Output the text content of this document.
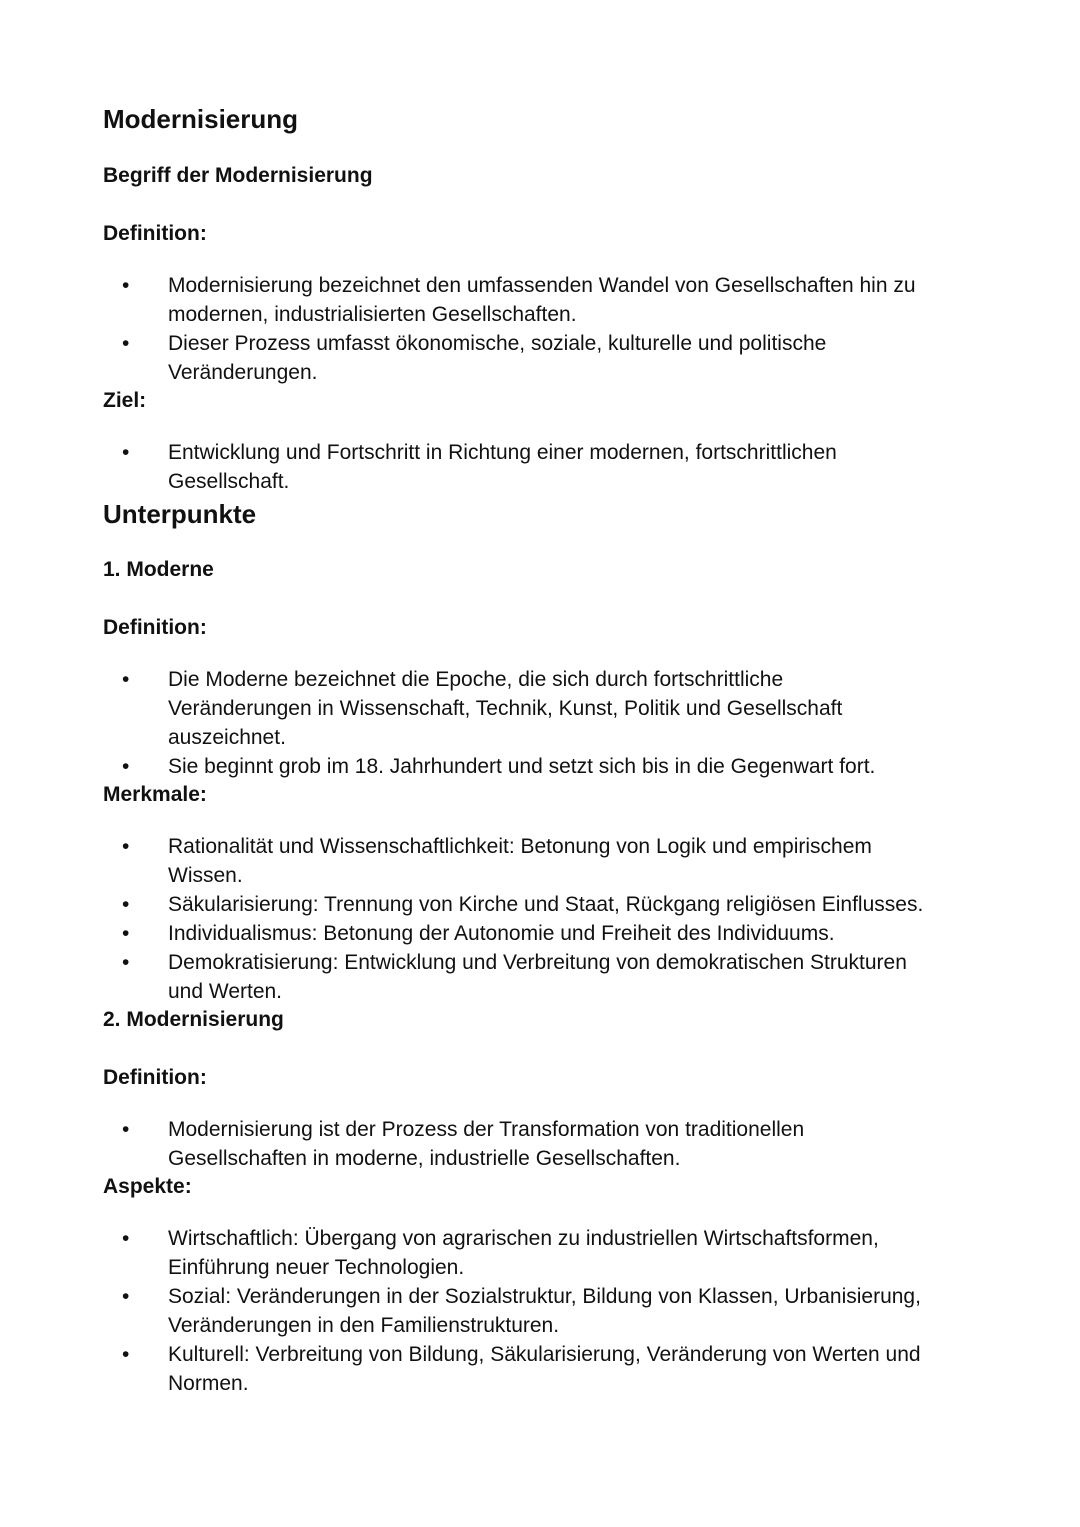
Modernisierung
Begriff der Modernisierung
Definition:
• Modernisierung bezeichnet den umfassenden Wandel von Gesellschaften hin zu
modernen, industrialisierten Gesellschaften.
• Dieser Prozess umfasst ökonomische, soziale, kulturelle und politische
Veränderungen.
Ziel:
• Entwicklung und Fortschritt in Richtung einer modernen, fortschrittlichen
Gesellschaft.
Unterpunkte
1. Moderne
Definition:
• Die Moderne bezeichnet die Epoche, die sich durch fortschrittliche
Veränderungen in Wissenschaft, Technik, Kunst, Politik und Gesellschaft
auszeichnet.
• Sie beginnt grob im 18. Jahrhundert und setzt sich bis in die Gegenwart fort.
Merkmale:
• Rationalität und Wissenschaftlichkeit: Betonung von Logik und empirischem
Wissen.
• Säkularisierung: Trennung von Kirche und Staat, Rückgang religiösen Einflusses.
• Individualismus: Betonung der Autonomie und Freiheit des Individuums.
• Demokratisierung: Entwicklung und Verbreitung von demokratischen Strukturen
und Werten.
2. Modernisierung
Definition:
• Modernisierung ist der Prozess der Transformation von traditionellen
Gesellschaften in moderne, industrielle Gesellschaften.
Aspekte:
• Wirtschaftlich: Übergang von agrarischen zu industriellen Wirtschaftsformen,
Einführung neuer Technologien.
• Sozial: Veränderungen in der Sozialstruktur, Bildung von Klassen, Urbanisierung,
Veränderungen in den Familienstrukturen.
• Kulturell: Verbreitung von Bildung, Säkularisierung, Veränderung von Werten und
Normen.
